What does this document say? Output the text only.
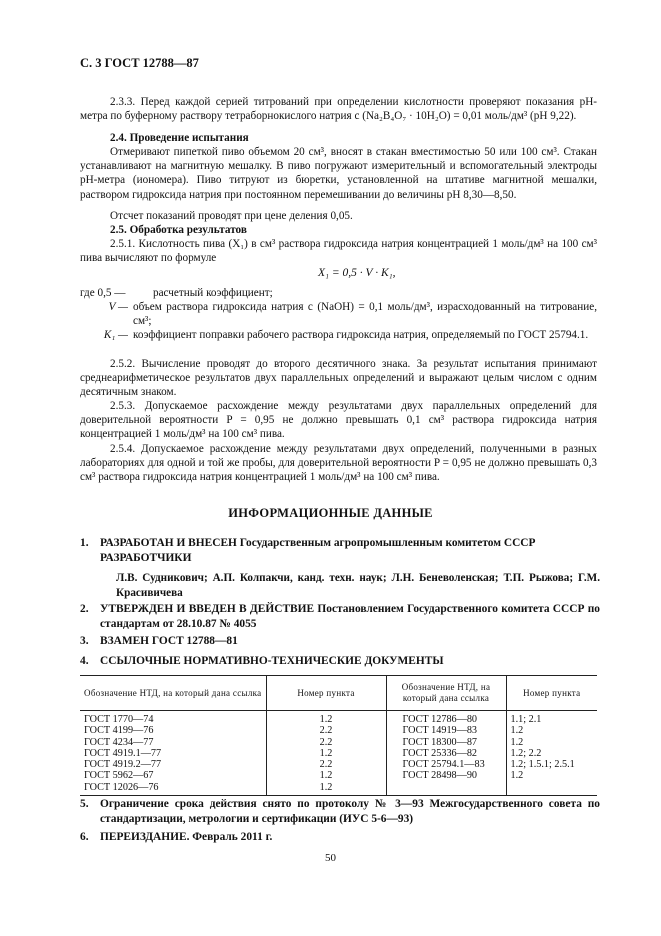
С. 3 ГОСТ 12788—87
2.3.3. Перед каждой серией титрований при определении кислотности проверяют показания pH-метра по буферному раствору тетраборнокислого натрия c (Na₂B₄O₇ · 10H₂O) = 0,01 моль/дм³ (pH 9,22).
2.4. Проведение испытания
Отмеривают пипеткой пиво объемом 20 см³, вносят в стакан вместимостью 50 или 100 см³. Стакан устанавливают на магнитную мешалку. В пиво погружают измерительный и вспомогательный электроды pH-метра (иономера). Пиво титруют из бюретки, установленной на штативе магнитной мешалки, раствором гидроксида натрия при постоянном перемешивании до величины pH 8,30—8,50.
Отсчет показаний проводят при цене деления 0,05.
2.5. Обработка результатов
2.5.1. Кислотность пива (X₁) в см³ раствора гидроксида натрия концентрацией 1 моль/дм³ на 100 см³ пива вычисляют по формуле
X₁ = 0,5 · V · K₁,
где 0,5 — расчетный коэффициент;
V — объем раствора гидроксида натрия c (NaOH) = 0,1 моль/дм³, израсходованный на титрование, см³;
K₁ — коэффициент поправки рабочего раствора гидроксида натрия, определяемый по ГОСТ 25794.1.
2.5.2. Вычисление проводят до второго десятичного знака. За результат испытания принимают среднеарифметическое результатов двух параллельных определений и выражают целым числом с одним десятичным знаком.
2.5.3. Допускаемое расхождение между результатами двух параллельных определений для доверительной вероятности P = 0,95 не должно превышать 0,1 см³ раствора гидроксида натрия концентрацией 1 моль/дм³ на 100 см³ пива.
2.5.4. Допускаемое расхождение между результатами двух определений, полученными в разных лабораториях для одной и той же пробы, для доверительной вероятности P = 0,95 не должно превышать 0,3 см³ раствора гидроксида натрия концентрацией 1 моль/дм³ на 100 см³ пива.
ИНФОРМАЦИОННЫЕ ДАННЫЕ
1. РАЗРАБОТАН И ВНЕСЕН Государственным агропромышленным комитетом СССР
РАЗРАБОТЧИКИ
Л.В. Судникович; А.П. Колпакчи, канд. техн. наук; Л.Н. Беневоленская; Т.П. Рыжова; Г.М. Красивичева
2. УТВЕРЖДЕН И ВВЕДЕН В ДЕЙСТВИЕ Постановлением Государственного комитета СССР по стандартам от 28.10.87 № 4055
3. ВЗАМЕН ГОСТ 12788—81
4. ССЫЛОЧНЫЕ НОРМАТИВНО-ТЕХНИЧЕСКИЕ ДОКУМЕНТЫ
Обозначение НТД, на который дана ссылка	Номер пункта	Обозначение НТД, на который дана ссылка	Номер пункта
ГОСТ 1770—74	1.2	ГОСТ 12786—80	1.1; 2.1
ГОСТ 4199—76	2.2	ГОСТ 14919—83	1.2
ГОСТ 4234—77	2.2	ГОСТ 18300—87	1.2
ГОСТ 4919.1—77	1.2	ГОСТ 25336—82	1.2; 2.2
ГОСТ 4919.2—77	2.2	ГОСТ 25794.1—83	1.2; 1.5.1; 2.5.1
ГОСТ 5962—67	1.2	ГОСТ 28498—90	1.2
ГОСТ 12026—76	1.2		
5. Ограничение срока действия снято по протоколу № 3—93 Межгосударственного совета по стандартизации, метрологии и сертификации (ИУС 5-6—93)
6. ПЕРЕИЗДАНИЕ. Февраль 2011 г.
50
